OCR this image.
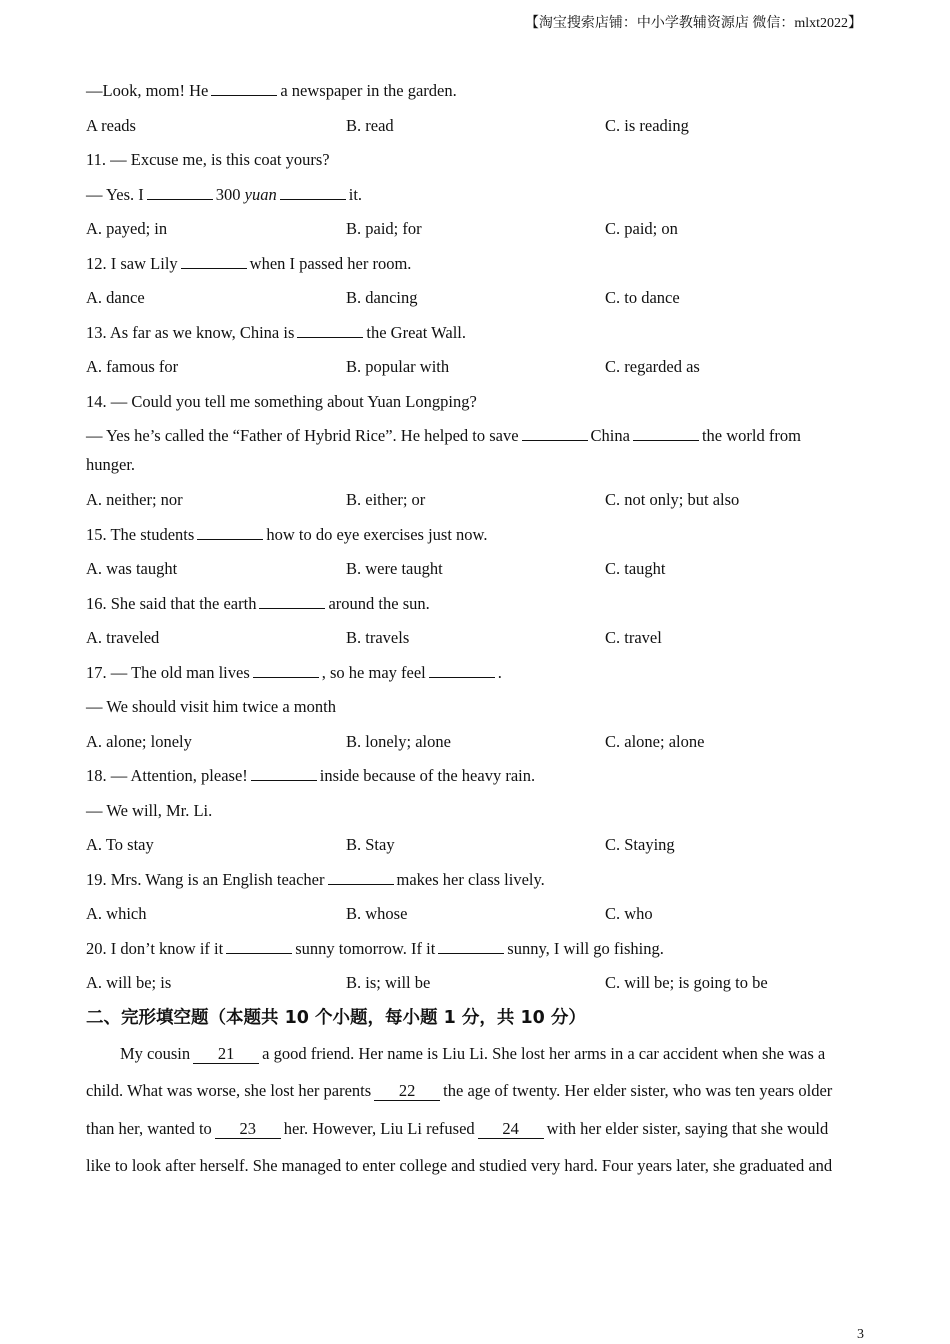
【淘宝搜索店铺：中小学教辅资源店 微信：mlxt2022】
—Look, mom! He	a newspaper in the garden.
A reads	B. read	C. is reading
11. — Excuse me, is this coat yours?
— Yes. I	300 yuan	it.
A. payed; in	B. paid; for	C. paid; on
12. I saw Lily	when I passed her room.
A. dance	B. dancing	C. to dance
13. As far as we know, China is	the Great Wall.
A. famous for	B. popular with	C. regarded as
14. — Could you tell me something about Yuan Longping?
— Yes he’s called the “Father of Hybrid Rice”. He helped to save	China	the world from
hunger.
A. neither; nor	B. either; or	C. not only; but also
15. The students	how to do eye exercises just now.
A. was taught	B. were taught	C. taught
16. She said that the earth	around the sun.
A. traveled	B. travels	C. travel
17. — The old man lives	, so he may feel	.
— We should visit him twice a month
A. alone; lonely	B. lonely; alone	C. alone; alone
18. — Attention, please!	inside because of the heavy rain.
— We will, Mr. Li.
A. To stay	B. Stay	C. Staying
19. Mrs. Wang is an English teacher	makes her class lively.
A. which	B. whose	C. who
20. I don’t know if it	sunny tomorrow. If it	sunny, I will go fishing.
A. will be; is	B. is; will be	C. will be; is going to be
二、完形填空题（本题共 10 个小题，每小题 1 分，共 10 分）
My cousin 21 a good friend. Her name is Liu Li. She lost her arms in a car accident when she was a
child. What was worse, she lost her parents 22 the age of twenty. Her elder sister, who was ten years older
than her, wanted to 23 her. However, Liu Li refused 24 with her elder sister, saying that she would
like to look after herself. She managed to enter college and studied very hard. Four years later, she graduated and
3
